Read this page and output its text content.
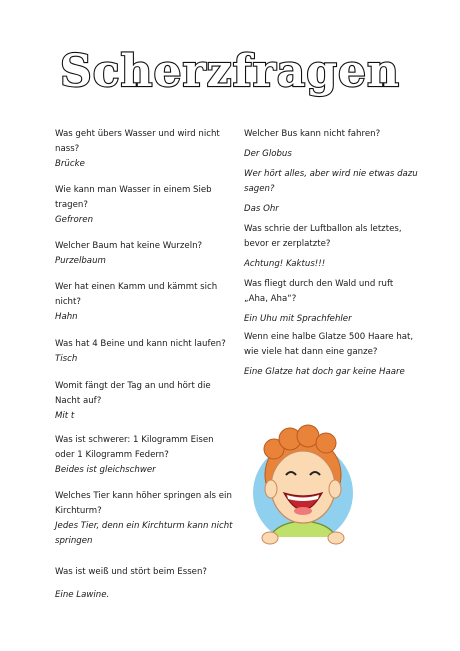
Scherzfragen

Was geht übers Wasser und wird nicht nass?

Brücke

Wie kann man Wasser in einem Sieb tragen?

Gefroren

Welcher Baum hat keine Wurzeln?

Purzelbaum

Wer hat einen Kamm und kämmt sich nicht?

Hahn

Was hat 4 Beine und kann nicht laufen?

Tisch

Womit fängt der Tag an und hört die Nacht auf?

Mit t

Was ist schwerer: 1 Kilogramm Eisen oder 1 Kilogramm Federn?

Beides ist gleichschwer

Welches Tier kann höher springen als ein Kirchturm?

Jedes Tier, denn ein Kirchturm kann nicht springen

Was ist weiß und stört beim Essen?

Eine Lawine.

Welcher Bus kann nicht fahren?

Der Globus

Wer hört alles, aber wird nie etwas dazu sagen?

Das Ohr

Was schrie der Luftballon als letztes, bevor er zerplatzte?

Achtung! Kaktus!!!

Was fliegt durch den Wald und ruft „Aha, Aha“?

Ein Uhu mit Sprachfehler

Wenn eine halbe Glatze 500 Haare hat, wie viele hat dann eine ganze?

Eine Glatze hat doch gar keine Haare
